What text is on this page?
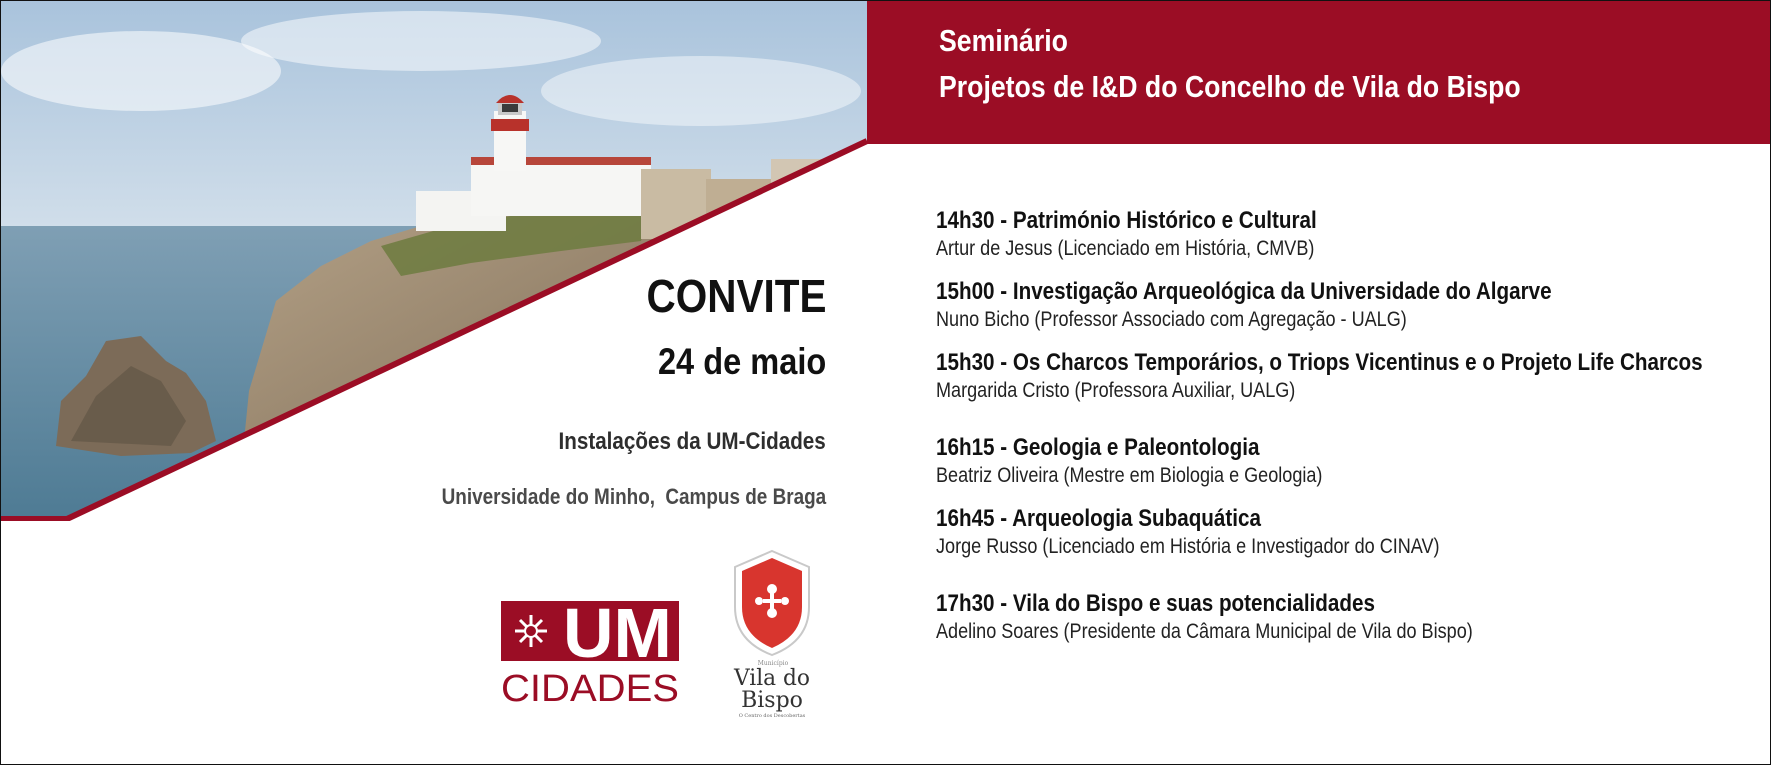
Seminário
Projetos de I&D do Concelho de Vila do Bispo
CONVITE
24 de maio
Instalações da UM-Cidades
Universidade do Minho, Campus de Braga
UM
CIDADES
Município
Vila do
Bispo
O Centro dos Descobertas
14h30 - Património Histórico e Cultural
Artur de Jesus (Licenciado em História, CMVB)
15h00 - Investigação Arqueológica da Universidade do Algarve
Nuno Bicho (Professor Associado com Agregação - UALG)
15h30 - Os Charcos Temporários, o Triops Vicentinus e o Projeto Life Charcos
Margarida Cristo (Professora Auxiliar, UALG)
16h15 - Geologia e Paleontologia
Beatriz Oliveira (Mestre em Biologia e Geologia)
16h45 - Arqueologia Subaquática
Jorge Russo (Licenciado em História e Investigador do CINAV)
17h30 - Vila do Bispo e suas potencialidades
Adelino Soares (Presidente da Câmara Municipal de Vila do Bispo)
